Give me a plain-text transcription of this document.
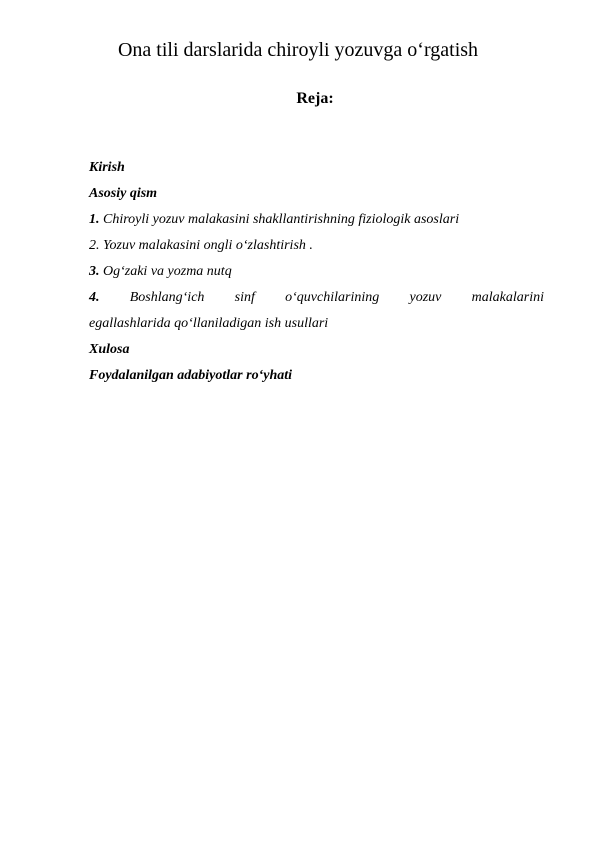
Ona tili darslarida chiroyli yozuvga o‘rgatish
Reja:

Kirish

Asosiy qism

1. Chiroyli yozuv malakasini shakllantirishning fiziologik asoslari

2. Yozuv malakasini ongli o‘zlashtirish .

3. Og‘zaki va yozma nutq

4. Boshlang‘ich sinf o‘quvchilarining yozuv malakalarini

egallashlarida qo‘llaniladigan ish usullari

Xulosa

Foydalanilgan adabiyotlar ro‘yhati
